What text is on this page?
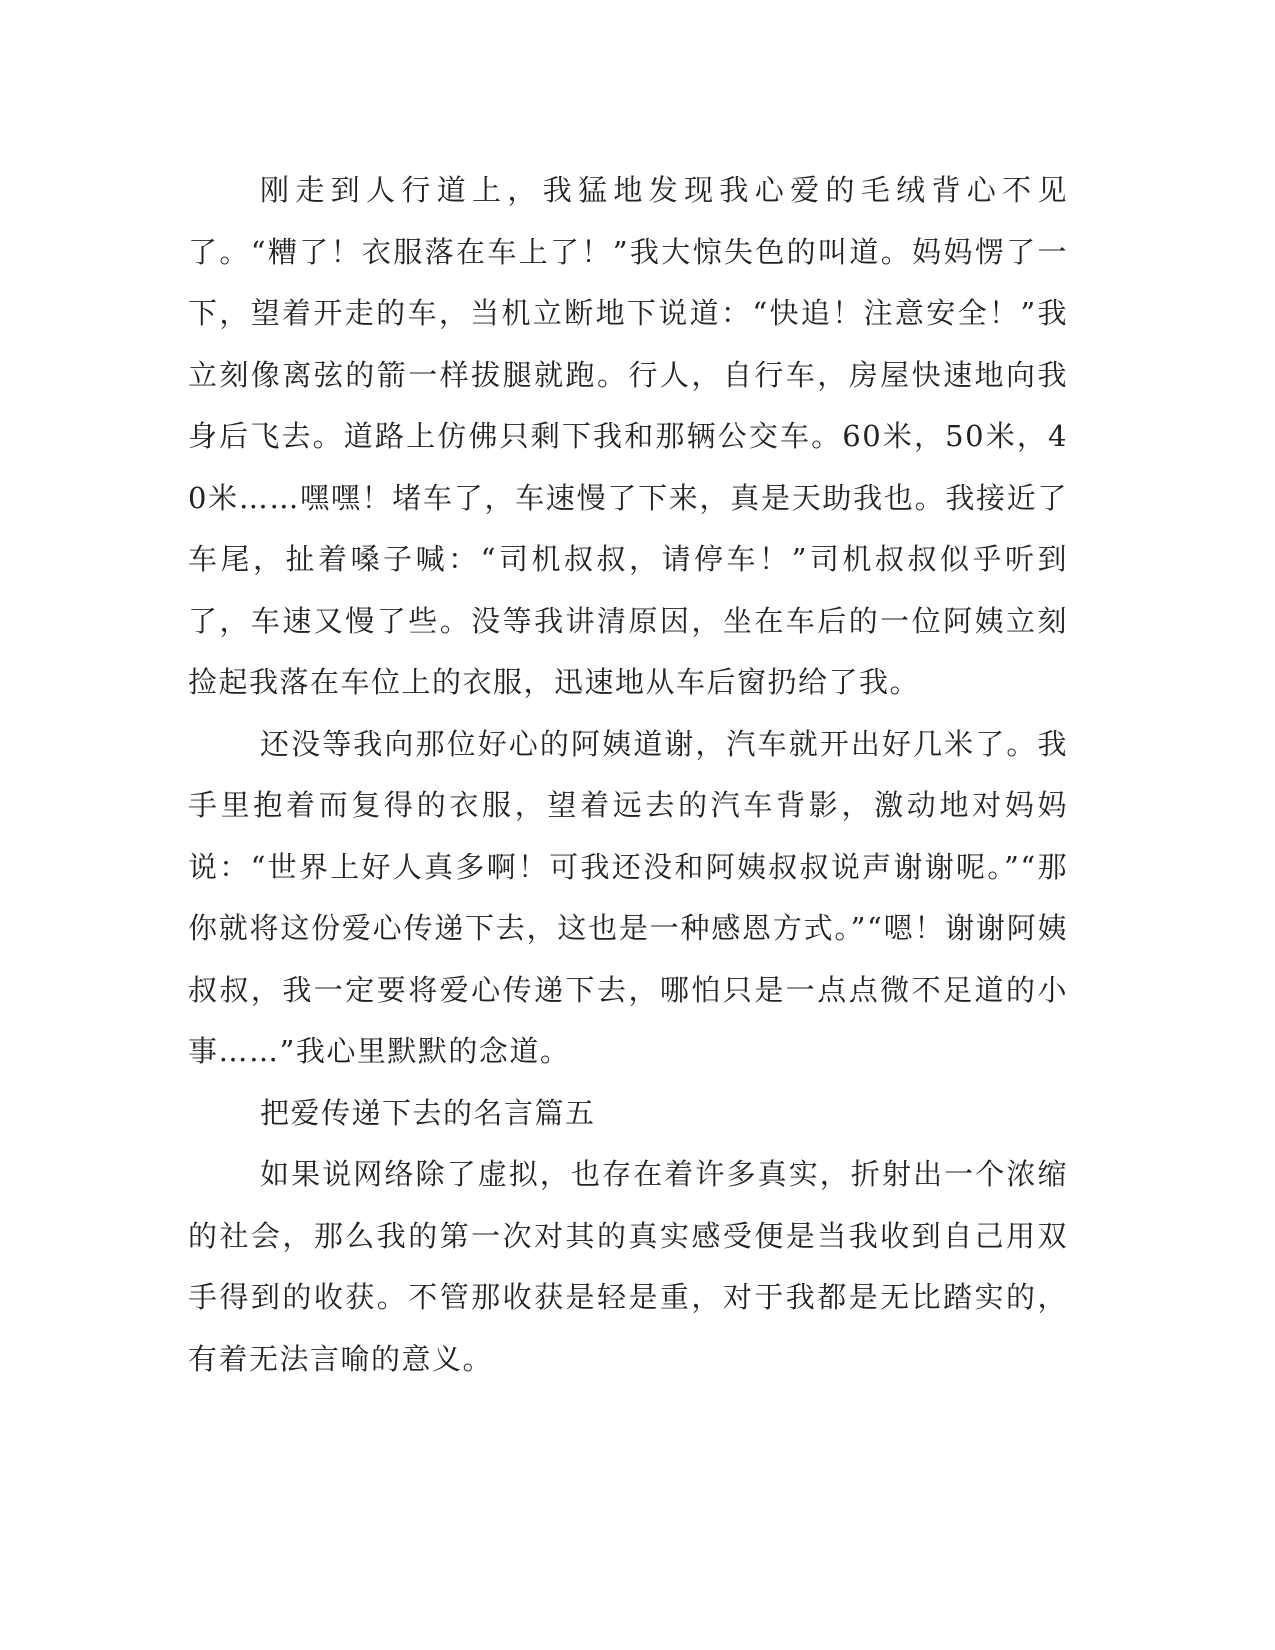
刚走到人行道上，我猛地发现我心爱的毛绒背心不见了。“糟了！衣服落在车上了！”我大惊失色的叫道。妈妈愣了一下，望着开走的车，当机立断地下说道：“快追！注意安全！”我立刻像离弦的箭一样拔腿就跑。行人，自行车，房屋快速地向我身后飞去。道路上仿佛只剩下我和那辆公交车。60米，50米，40米……嘿嘿！堵车了，车速慢了下来，真是天助我也。我接近了车尾，扯着嗓子喊：“司机叔叔，请停车！”司机叔叔似乎听到了，车速又慢了些。没等我讲清原因，坐在车后的一位阿姨立刻捡起我落在车位上的衣服，迅速地从车后窗扔给了我。

还没等我向那位好心的阿姨道谢，汽车就开出好几米了。我手里抱着而复得的衣服，望着远去的汽车背影，激动地对妈妈说：“世界上好人真多啊！可我还没和阿姨叔叔说声谢谢呢。”“那你就将这份爱心传递下去，这也是一种感恩方式。”“嗯！谢谢阿姨叔叔，我一定要将爱心传递下去，哪怕只是一点点微不足道的小事……”我心里默默的念道。

把爱传递下去的名言篇五

如果说网络除了虚拟，也存在着许多真实，折射出一个浓缩的社会，那么我的第一次对其的真实感受便是当我收到自己用双手得到的收获。不管那收获是轻是重，对于我都是无比踏实的，有着无法言喻的意义。
